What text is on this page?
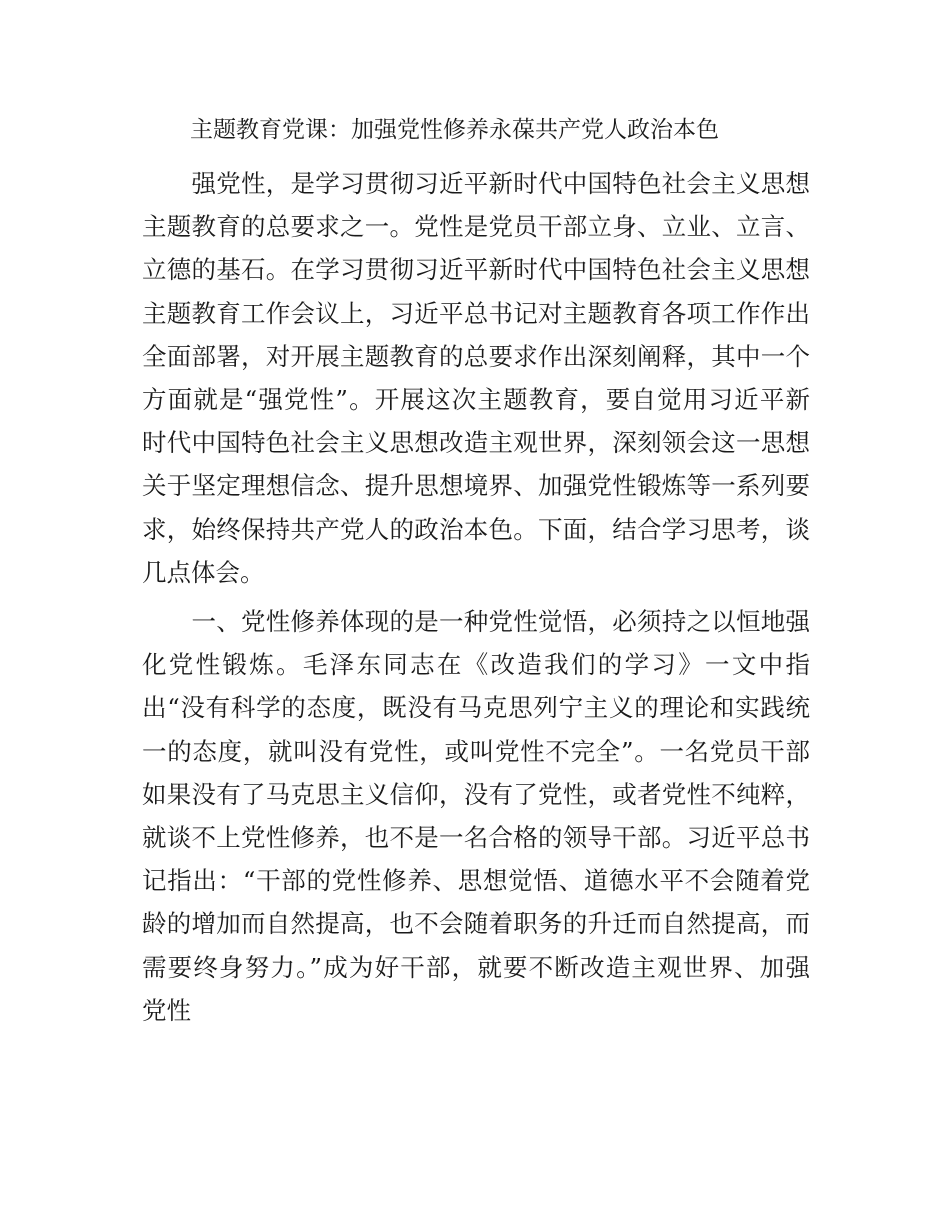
主题教育党课：加强党性修养永葆共产党人政治本色
　　强党性，是学习贯彻习近平新时代中国特色社会主义思想
主题教育的总要求之一。党性是党员干部立身、立业、立言、
立德的基石。在学习贯彻习近平新时代中国特色社会主义思想
主题教育工作会议上，习近平总书记对主题教育各项工作作出
全面部署，对开展主题教育的总要求作出深刻阐释，其中一个
方面就是“强党性”。开展这次主题教育，要自觉用习近平新
时代中国特色社会主义思想改造主观世界，深刻领会这一思想
关于坚定理想信念、提升思想境界、加强党性锻炼等一系列要
求，始终保持共产党人的政治本色。下面，结合学习思考，谈
几点体会。
　　一、党性修养体现的是一种党性觉悟，必须持之以恒地强
化党性锻炼。毛泽东同志在《改造我们的学习》一文中指
出“没有科学的态度，既没有马克思列宁主义的理论和实践统
一的态度，就叫没有党性，或叫党性不完全”。一名党员干部
如果没有了马克思主义信仰，没有了党性，或者党性不纯粹，
就谈不上党性修养，也不是一名合格的领导干部。习近平总书
记指出：“干部的党性修养、思想觉悟、道德水平不会随着党
龄的增加而自然提高，也不会随着职务的升迁而自然提高，而
需要终身努力。”成为好干部，就要不断改造主观世界、加强
党性
